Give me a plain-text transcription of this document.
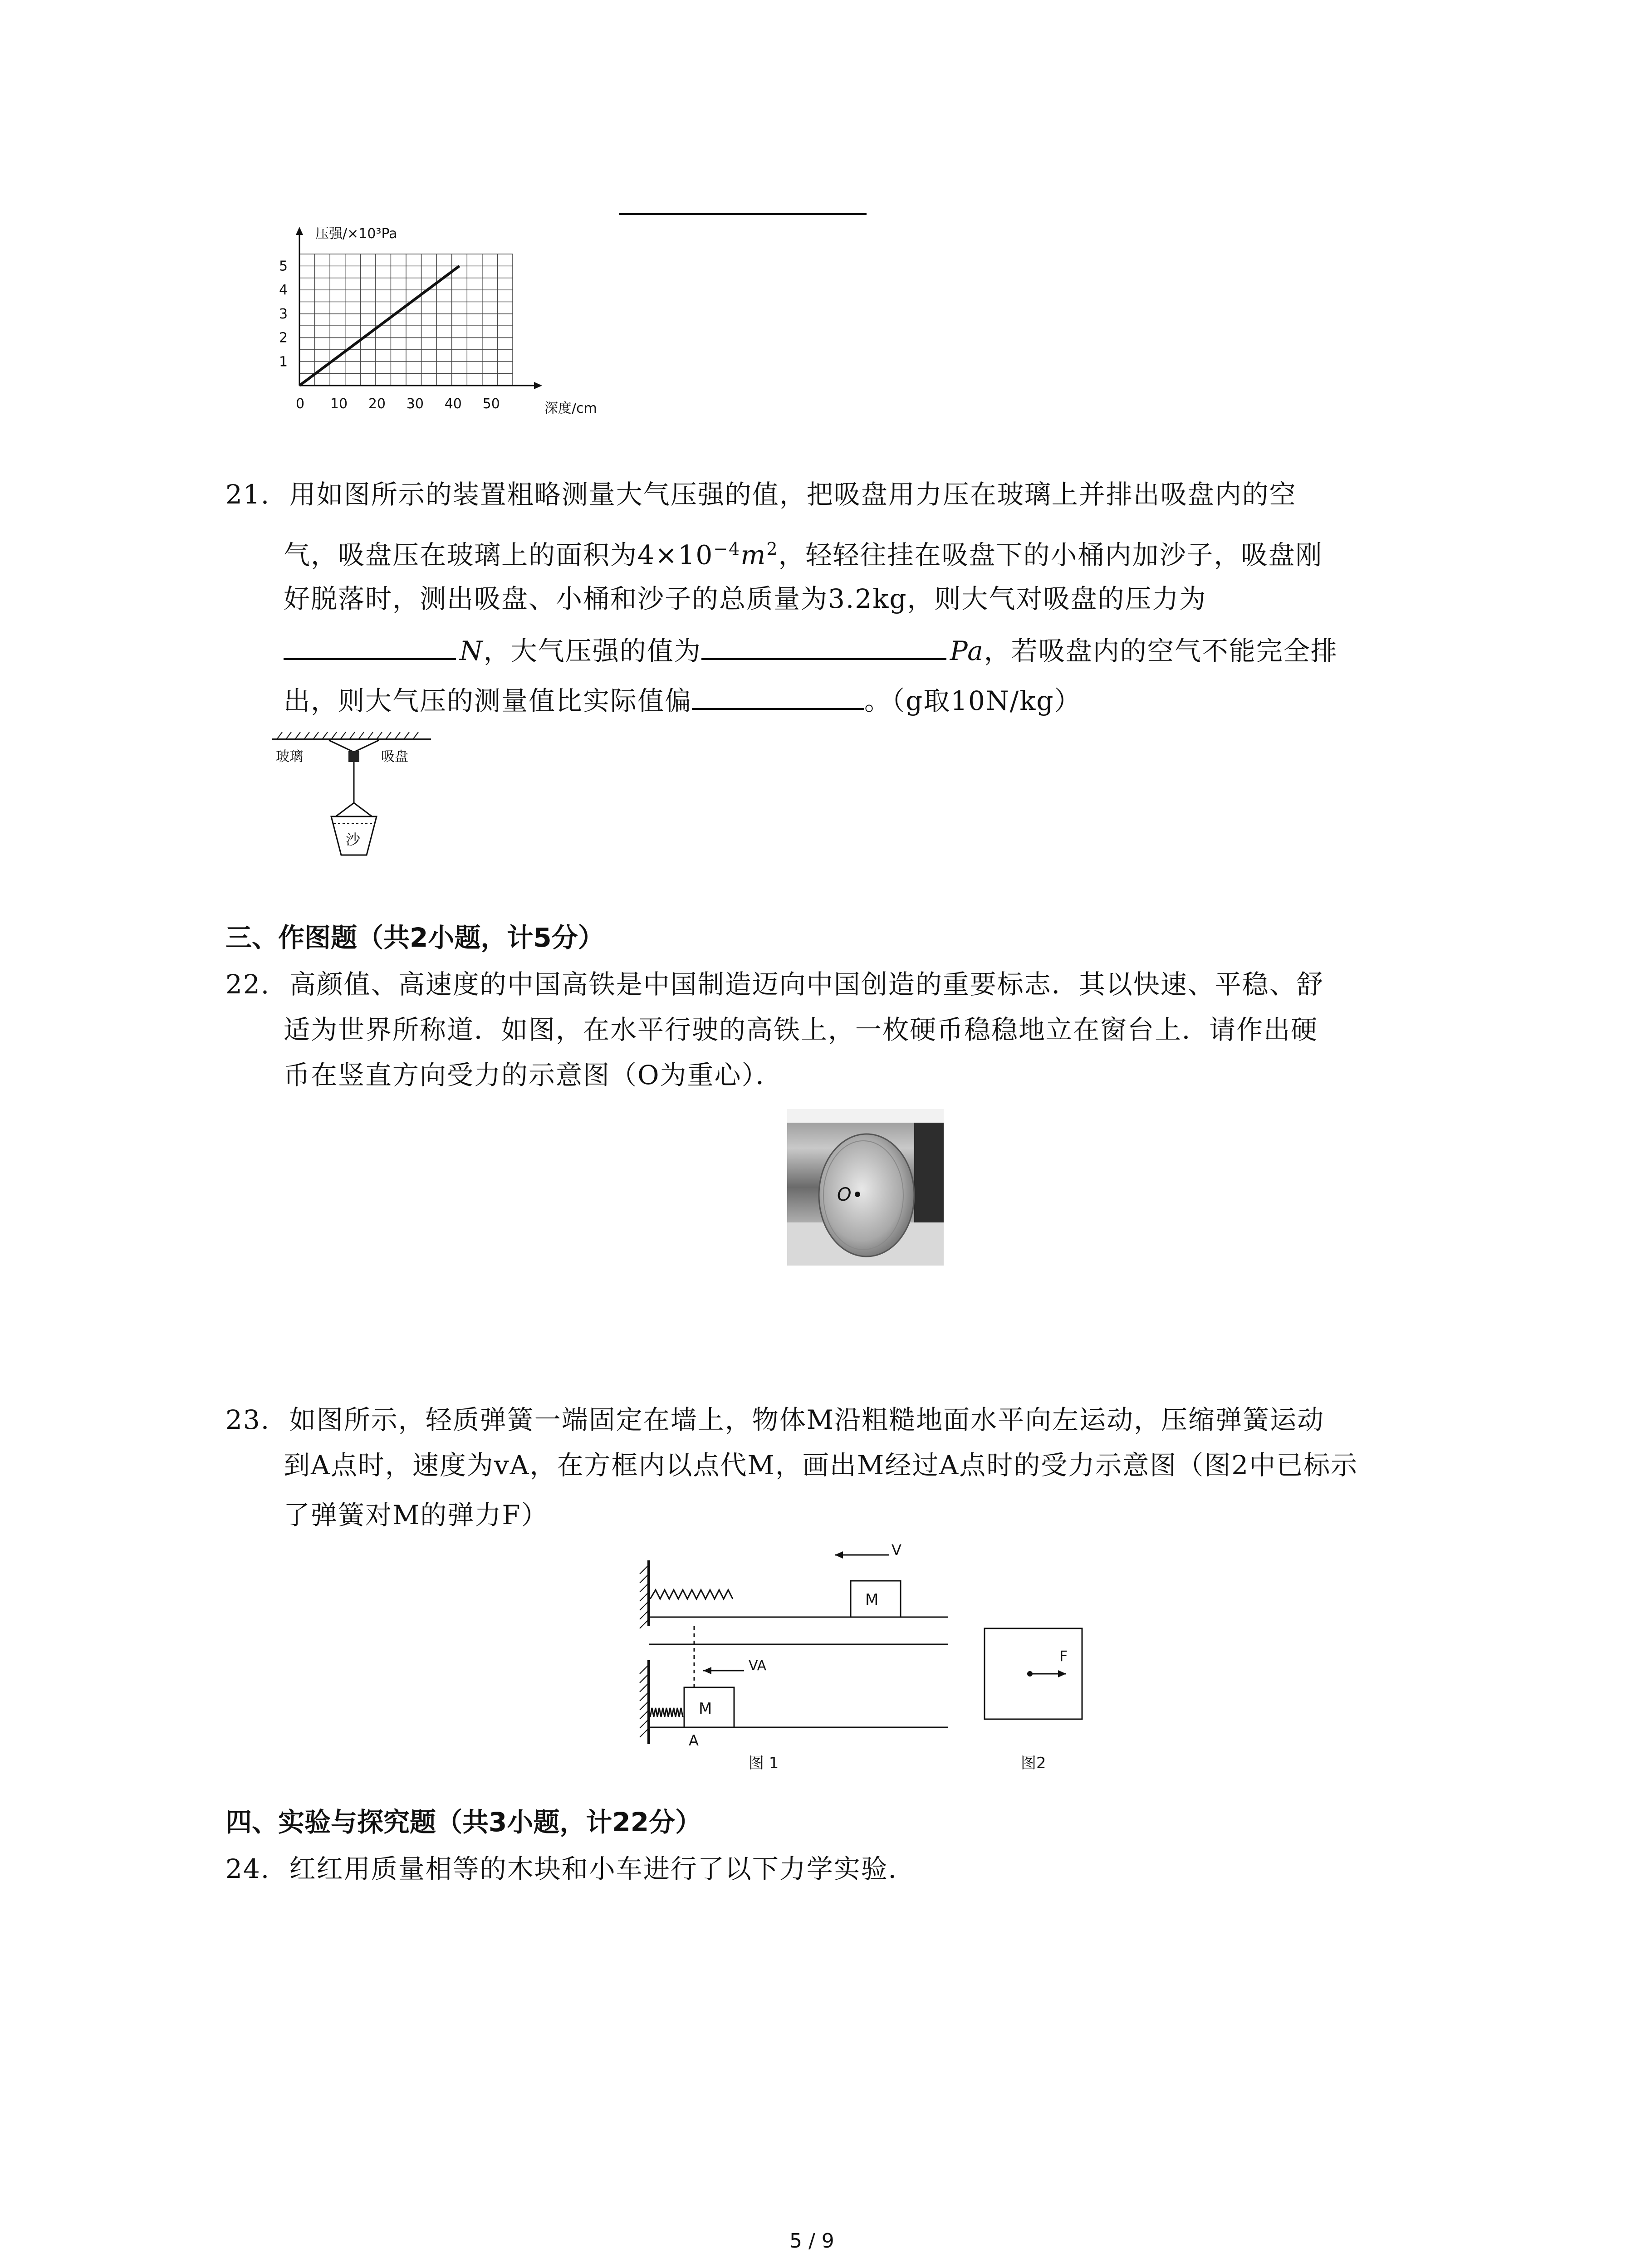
压强/×10³Pa
深度/cm
5
4
3
2
1
0 10 20 30 40 50
21. 用如图所示的装置粗略测量大气压强的值，把吸盘用力压在玻璃上并排出吸盘内的空
气，吸盘压在玻璃上的面积为$4\times 10^{-4}m^2$，轻轻往挂在吸盘下的小桶内加沙子，吸盘刚
好脱落时，测出吸盘、小桶和沙子的总质量为3.2kg，则大气对吸盘的压力为
N，大气压强的值为	Pa，若吸盘内的空气不能完全排
出，则大气压的测量值比实际值偏	。（g取10N/kg）
玻璃	吸盘
沙
三、作图题（共2小题，计5分）
22. 高颜值、高速度的中国高铁是中国制造迈向中国创造的重要标志．其以快速、平稳、舒
适为世界所称道．如图，在水平行驶的高铁上，一枚硬币稳稳地立在窗台上．请作出硬
币在竖直方向受力的示意图（O为重心）．
O
23. 如图所示，轻质弹簧一端固定在墙上，物体M沿粗糙地面水平向左运动，压缩弹簧运动
到A点时，速度为vA，在方框内以点代M，画出M经过A点时的受力示意图（图2中已标示
了弹簧对M的弹力F）
M
V
M
VA
A
图 1
F
图2
四、实验与探究题（共3小题，计22分）
24. 红红用质量相等的木块和小车进行了以下力学实验．
5 / 9
